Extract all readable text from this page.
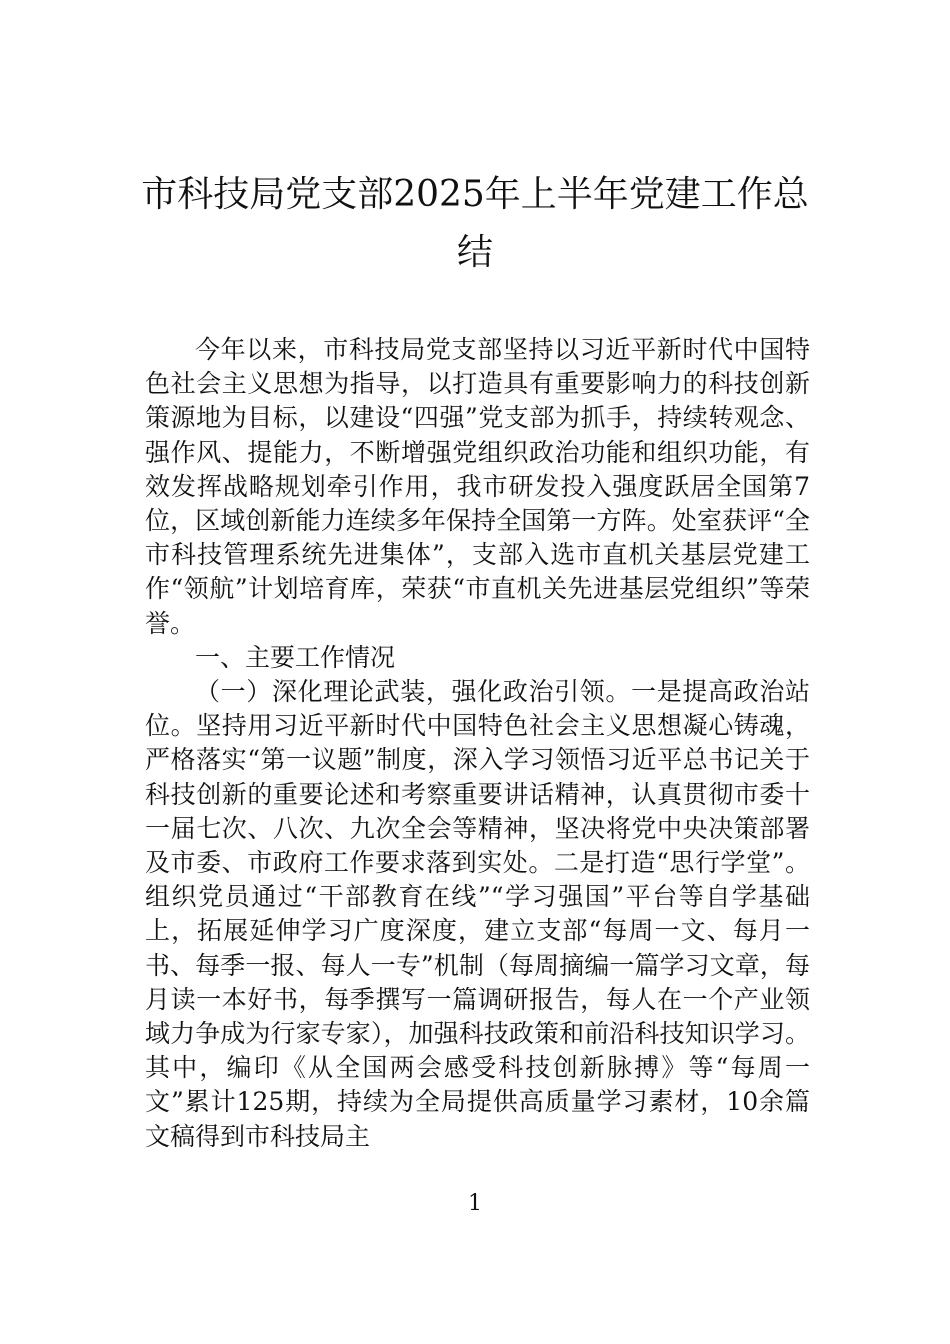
市科技局党支部2025年上半年党建工作总结

今年以来，市科技局党支部坚持以习近平新时代中国特色社会主义思想为指导，以打造具有重要影响力的科技创新策源地为目标，以建设“四强”党支部为抓手，持续转观念、强作风、提能力，不断增强党组织政治功能和组织功能，有效发挥战略规划牵引作用，我市研发投入强度跃居全国第7位，区域创新能力连续多年保持全国第一方阵。处室获评“全市科技管理系统先进集体”，支部入选市直机关基层党建工作“领航”计划培育库，荣获“市直机关先进基层党组织”等荣誉。

一、主要工作情况

（一）深化理论武装，强化政治引领。一是提高政治站位。坚持用习近平新时代中国特色社会主义思想凝心铸魂，严格落实“第一议题”制度，深入学习领悟习近平总书记关于科技创新的重要论述和考察重要讲话精神，认真贯彻市委十一届七次、八次、九次全会等精神，坚决将党中央决策部署及市委、市政府工作要求落到实处。二是打造“思行学堂”。组织党员通过“干部教育在线”“学习强国”平台等自学基础上，拓展延伸学习广度深度，建立支部“每周一文、每月一书、每季一报、每人一专”机制（每周摘编一篇学习文章，每月读一本好书，每季撰写一篇调研报告，每人在一个产业领域力争成为行家专家），加强科技政策和前沿科技知识学习。其中，编印《从全国两会感受科技创新脉搏》等“每周一文”累计125期，持续为全局提供高质量学习素材，10余篇文稿得到市科技局主

1
